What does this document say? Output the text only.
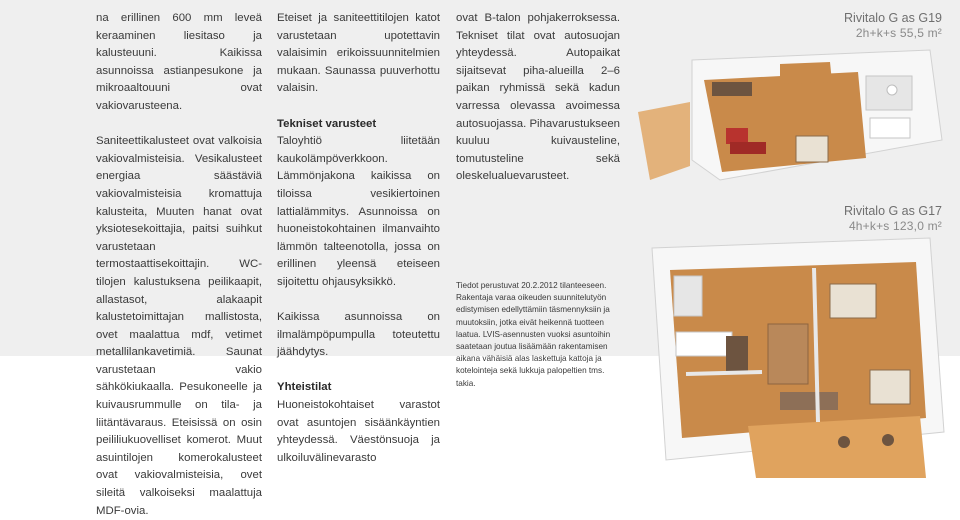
na erillinen 600 mm leveä keraaminen liesitaso ja kalusteuuni. Kaikissa asunnoissa astianpesukone ja mikroaaltouuni ovat vakiovarusteena.

Saniteettikalusteet ovat valkoisia vakiovalmisteisia. Vesikalusteet energiaa säästäviä vakiovalmisteisia kromattuja kalusteita, Muuten hanat ovat yksiotesekoittajia, paitsi suihkut varustetaan termostaattisekoittajin. WC-tilojen kalustuksena peilikaapit, allastasot, alakaapit kalustetoimittajan mallistosta, ovet maalattua mdf, vetimet metallilankavetimiä. Saunat varustetaan vakio sähkökiukaalla. Pesukoneelle ja kuivausrummulle on tila- ja liitäntävaraus. Eteisissä on osin peililiukuovelliset komerot. Muut asuintilojen komerokalusteet ovat vakiovalmisteisia, ovet sileitä valkoiseksi maalattuja MDF-ovia.

Eteiset ja saniteettitilojen katot varustetaan upotettavin valaisimin erikoissuunnitelmien mukaan. Saunassa puuverhottu valaisin.

Tekniset varusteet

Taloyhtiö liitetään kaukolämpöverkkoon. Lämmönjakona kaikissa on tiloissa vesikiertoinen lattialämmitys. Asunnoissa on huoneistokohtainen ilmanvaihto lämmön talteenotolla, jossa on erillinen yleensä eteiseen sijoitettu ohjausyksikkö.

Kaikissa asunnoissa on ilmalämpöpumpulla toteutettu jäähdytys.

Yhteistilat

Huoneistokohtaiset varastot ovat asuntojen sisäänkäyntien yhteydessä. Väestönsuoja ja ulkoiluvälinevarasto

ovat B-talon pohjakerroksessa. Tekniset tilat ovat autosuojan yhteydessä. Autopaikat sijaitsevat piha-alueilla 2–6 paikan ryhmissä sekä kadun varressa olevassa avoimessa autosuojassa. Pihavarustukseen kuuluu kuivausteline, tomutusteline sekä oleskelualuevarusteet.

Tiedot perustuvat 20.2.2012 tilanteeseen. Rakentaja varaa oikeuden suunnitelutyön edistymisen edellyttämiin täsmennyksiin ja muutoksiin, jotka eivät heikennä tuotteen laatua. LVIS-asennusten vuoksi asuntoihin saatetaan joutua lisäämään rakentamisen aikana vähäisiä alas laskettuja kattoja ja kotelointeja sekä lukkuja palopeltien tms. takia.

Rivitalo G as G19
2h+k+s 55,5 m²
Rivitalo G as G17
4h+k+s 123,0 m²
